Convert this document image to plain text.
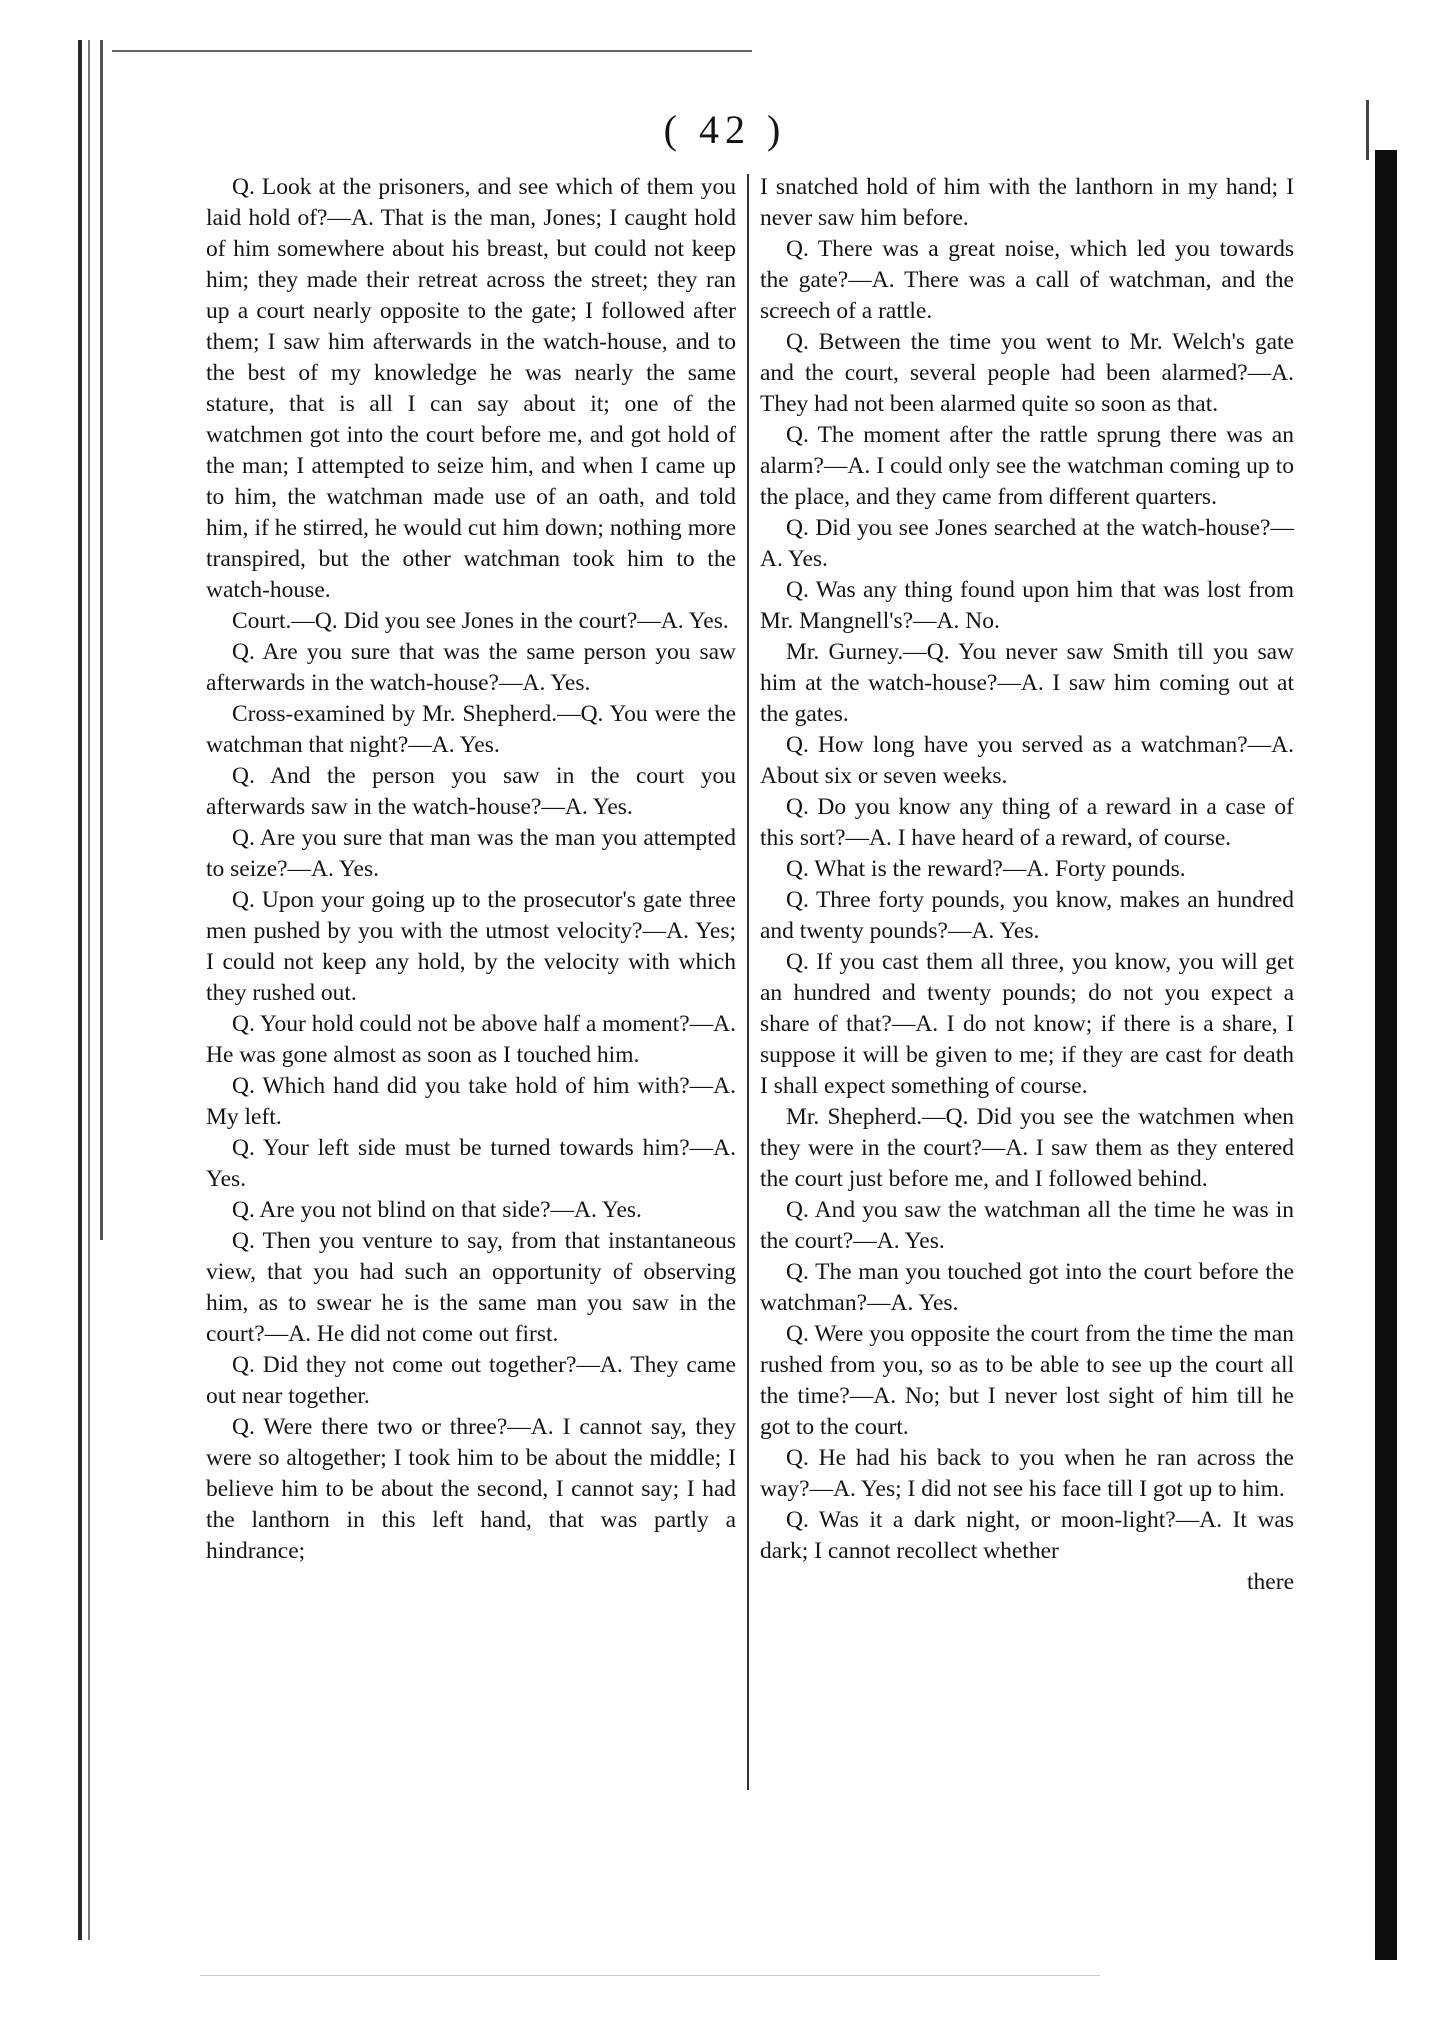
( 42 )

Q. Look at the prisoners, and see which of them you laid hold of?—A. That is the man, Jones; I caught hold of him somewhere about his breast, but could not keep him; they made their retreat across the street; they ran up a court nearly opposite to the gate; I followed after them; I saw him afterwards in the watch-house, and to the best of my knowledge he was nearly the same stature, that is all I can say about it; one of the watchmen got into the court before me, and got hold of the man; I attempted to seize him, and when I came up to him, the watchman made use of an oath, and told him, if he stirred, he would cut him down; nothing more transpired, but the other watchman took him to the watch-house.

Court.—Q. Did you see Jones in the court?—A. Yes.

Q. Are you sure that was the same person you saw afterwards in the watch-house?—A. Yes.

Cross-examined by Mr. Shepherd.—Q. You were the watchman that night?—A. Yes.

Q. And the person you saw in the court you afterwards saw in the watch-house?—A. Yes.

Q. Are you sure that man was the man you attempted to seize?—A. Yes.

Q. Upon your going up to the prosecutor's gate three men pushed by you with the utmost velocity?—A. Yes; I could not keep any hold, by the velocity with which they rushed out.

Q. Your hold could not be above half a moment?—A. He was gone almost as soon as I touched him.

Q. Which hand did you take hold of him with?—A. My left.

Q. Your left side must be turned towards him?—A. Yes.

Q. Are you not blind on that side?—A. Yes.

Q. Then you venture to say, from that instantaneous view, that you had such an opportunity of observing him, as to swear he is the same man you saw in the court?—A. He did not come out first.

Q. Did they not come out together?—A. They came out near together.

Q. Were there two or three?—A. I cannot say, they were so altogether; I took him to be about the middle; I believe him to be about the second, I cannot say; I had the lanthorn in this left hand, that was partly a hindrance;

I snatched hold of him with the lanthorn in my hand; I never saw him before.

Q. There was a great noise, which led you towards the gate?—A. There was a call of watchman, and the screech of a rattle.

Q. Between the time you went to Mr. Welch's gate and the court, several people had been alarmed?—A. They had not been alarmed quite so soon as that.

Q. The moment after the rattle sprung there was an alarm?—A. I could only see the watchman coming up to the place, and they came from different quarters.

Q. Did you see Jones searched at the watch-house?—A. Yes.

Q. Was any thing found upon him that was lost from Mr. Mangnell's?—A. No.

Mr. Gurney.—Q. You never saw Smith till you saw him at the watch-house?—A. I saw him coming out at the gates.

Q. How long have you served as a watchman?—A. About six or seven weeks.

Q. Do you know any thing of a reward in a case of this sort?—A. I have heard of a reward, of course.

Q. What is the reward?—A. Forty pounds.

Q. Three forty pounds, you know, makes an hundred and twenty pounds?—A. Yes.

Q. If you cast them all three, you know, you will get an hundred and twenty pounds; do not you expect a share of that?—A. I do not know; if there is a share, I suppose it will be given to me; if they are cast for death I shall expect something of course.

Mr. Shepherd.—Q. Did you see the watchmen when they were in the court?—A. I saw them as they entered the court just before me, and I followed behind.

Q. And you saw the watchman all the time he was in the court?—A. Yes.

Q. The man you touched got into the court before the watchman?—A. Yes.

Q. Were you opposite the court from the time the man rushed from you, so as to be able to see up the court all the time?—A. No; but I never lost sight of him till he got to the court.

Q. He had his back to you when he ran across the way?—A. Yes; I did not see his face till I got up to him.

Q. Was it a dark night, or moon-light?—A. It was dark; I cannot recollect whether

there
